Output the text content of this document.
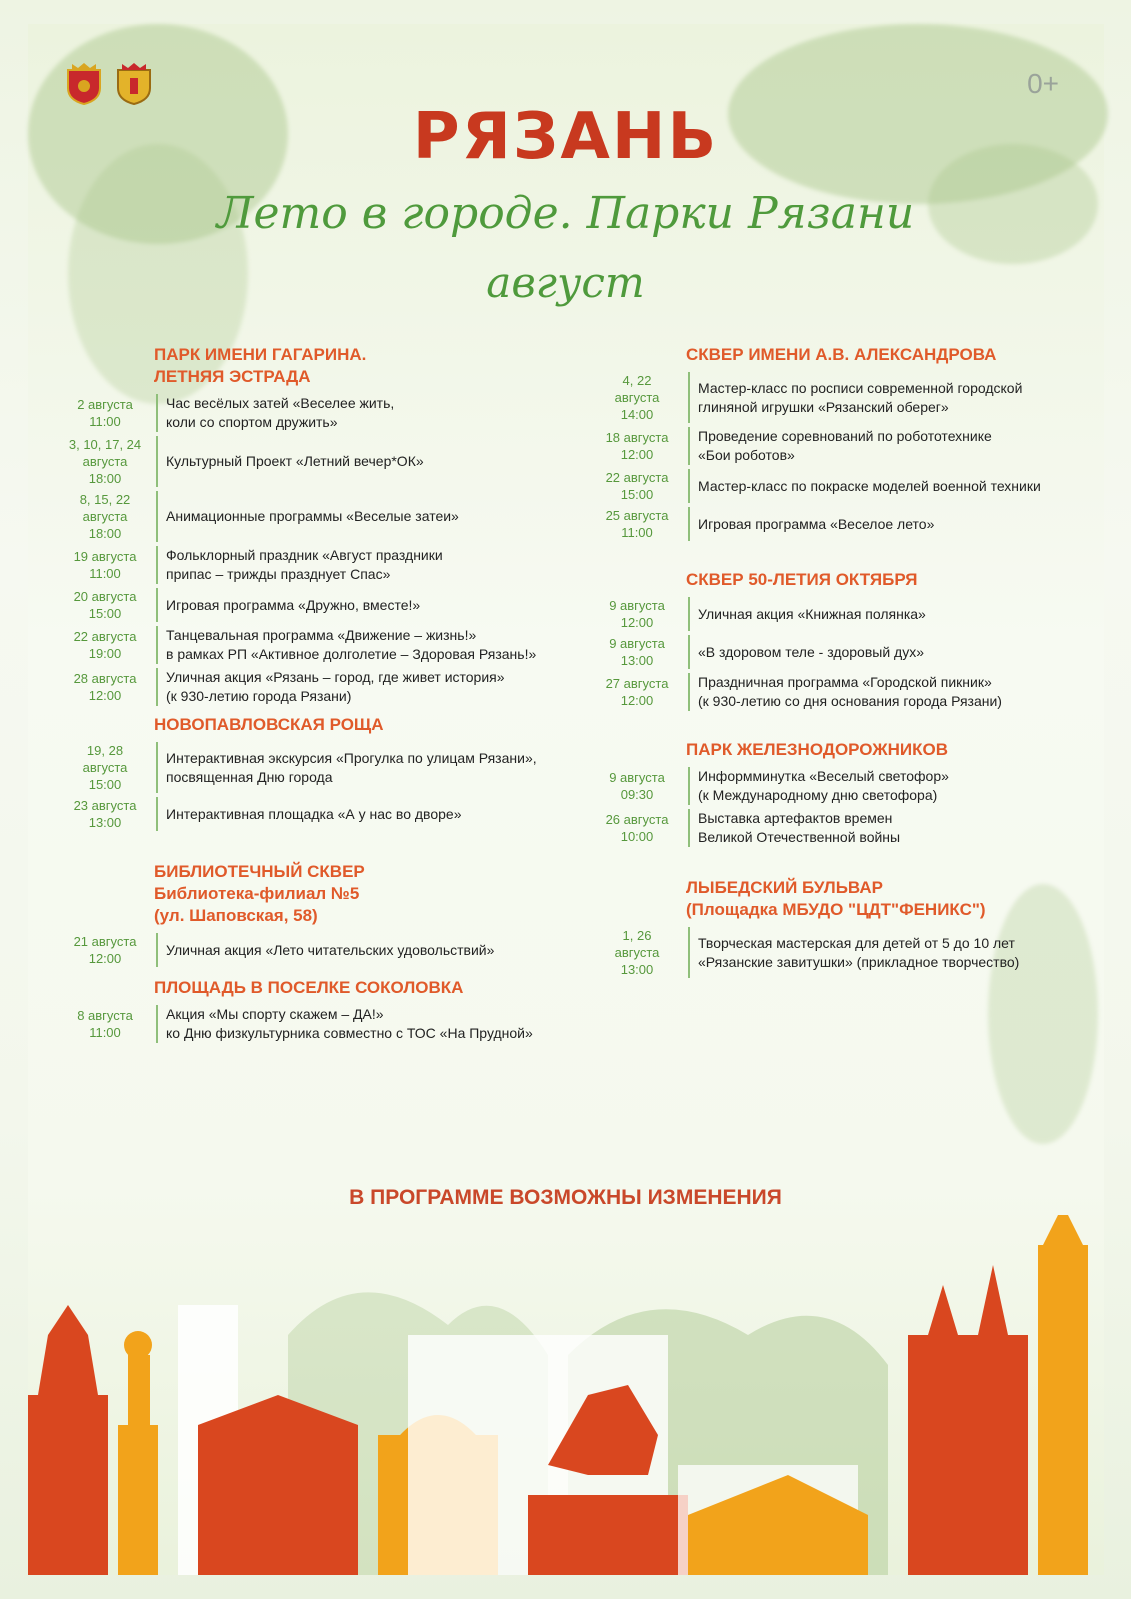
0+
РЯЗАНЬ
Лето в городе. Парки Рязани
август
ПАРК ИМЕНИ ГАГАРИНА.
ЛЕТНЯЯ ЭСТРАДА
2 августа
11:00
Час весёлых затей «Веселее жить,
коли со спортом дружить»
3, 10, 17, 24
августа
18:00
Культурный Проект «Летний вечер*ОК»
8, 15, 22
августа
18:00
Анимационные программы «Веселые затеи»
19 августа
11:00
Фольклорный праздник «Август праздники
припас – трижды празднует Спас»
20 августа
15:00
Игровая программа «Дружно, вместе!»
22 августа
19:00
Танцевальная программа «Движение – жизнь!»
в рамках РП «Активное долголетие – Здоровая Рязань!»
28 августа
12:00
Уличная акция «Рязань – город, где живет история»
(к 930-летию города Рязани)
НОВОПАВЛОВСКАЯ РОЩА
19, 28
августа
15:00
Интерактивная экскурсия «Прогулка по улицам Рязани»,
посвященная Дню города
23 августа
13:00
Интерактивная площадка «А у нас во дворе»
БИБЛИОТЕЧНЫЙ СКВЕР
Библиотека-филиал №5
(ул. Шаповская, 58)
21 августа
12:00
Уличная акция «Лето читательских удовольствий»
ПЛОЩАДЬ В ПОСЕЛКЕ СОКОЛОВКА
8 августа
11:00
Акция «Мы спорту скажем – ДА!»
ко Дню физкультурника совместно с ТОС «На Прудной»
СКВЕР ИМЕНИ А.В. АЛЕКСАНДРОВА
4, 22
августа
14:00
Мастер-класс по росписи современной городской
глиняной игрушки «Рязанский оберег»
18 августа
12:00
Проведение соревнований по робототехнике
«Бои роботов»
22 августа
15:00
Мастер-класс по покраске моделей военной техники
25 августа
11:00
Игровая программа «Веселое лето»
СКВЕР 50-ЛЕТИЯ ОКТЯБРЯ
9 августа
12:00
Уличная акция «Книжная полянка»
9 августа
13:00
«В здоровом теле - здоровый дух»
27 августа
12:00
Праздничная программа «Городской пикник»
(к 930-летию со дня основания города Рязани)
ПАРК ЖЕЛЕЗНОДОРОЖНИКОВ
9 августа
09:30
Информминутка «Веселый светофор»
(к Международному дню светофора)
26 августа
10:00
Выставка артефактов времен
Великой Отечественной войны
ЛЫБЕДСКИЙ БУЛЬВАР
(Площадка МБУДО "ЦДТ"ФЕНИКС")
1, 26
августа
13:00
Творческая мастерская для детей от 5 до 10 лет
«Рязанские завитушки» (прикладное творчество)
В ПРОГРАММЕ ВОЗМОЖНЫ ИЗМЕНЕНИЯ
